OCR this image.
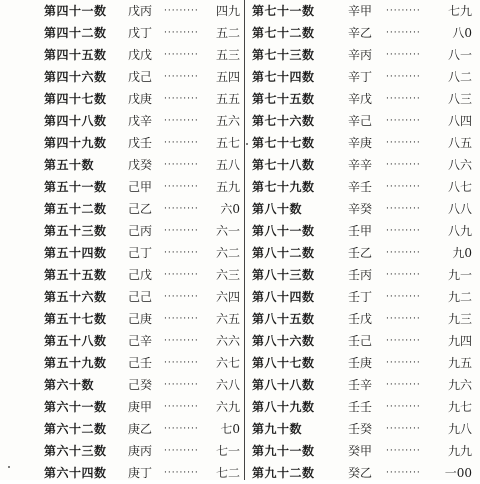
第四十一数 戊丙 ········· 四九
第四十二数 戊丁 ········· 五二
第四十五数 戊戊 ········· 五三
第四十六数 戊己 ········· 五四
第四十七数 戊庚 ········· 五五
第四十八数 戊辛 ········· 五六
第四十九数 戊壬 ········· 五七
第五十数	戊癸 ········· 五八
第五十一数 己甲 ········· 五九
第五十二数 己乙 ········· 六0
第五十三数 己丙 ········· 六一
第五十四数 己丁 ········· 六二
第五十五数 己戊 ········· 六三
第五十六数 己己 ········· 六四
第五十七数 己庚 ········· 六五
第五十八数 己辛 ········· 六六
第五十九数 己壬 ········· 六七
第六十数	己癸 ········· 六八
第六十一数 庚甲 ········· 六九
第六十二数 庚乙 ········· 七0
第六十三数 庚丙 ········· 七一
第六十四数 庚丁 ········· 七二
第七十一数	辛甲 ········· 七九
第七十二数	辛乙 ·········	八0
第七十三数	辛丙 ········· 八一
第七十四数	辛丁 ········· 八二
第七十五数	辛戊 ········· 八三
第七十六数	辛己 ········· 八四
第七十七数	辛庚 ········· 八五
第七十八数	辛辛 ········· 八六
第七十九数	辛壬 ········· 八七
第八十数	辛癸 ········· 八八
第八十一数	壬甲 ········· 八九
第八十二数	壬乙 ·········	九0
第八十三数	壬丙 ········· 九一
第八十四数	壬丁 ········· 九二
第八十五数	壬戊 ········· 九三
第八十六数	壬己 ········· 九四
第八十七数	壬庚 ········· 九五
第八十八数	壬辛 ········· 九六
第八十九数	壬壬 ········· 九七
第九十数	壬癸 ········· 九八
第九十一数	癸甲 ········· 九九
第九十二数	癸乙 ········· 一00
